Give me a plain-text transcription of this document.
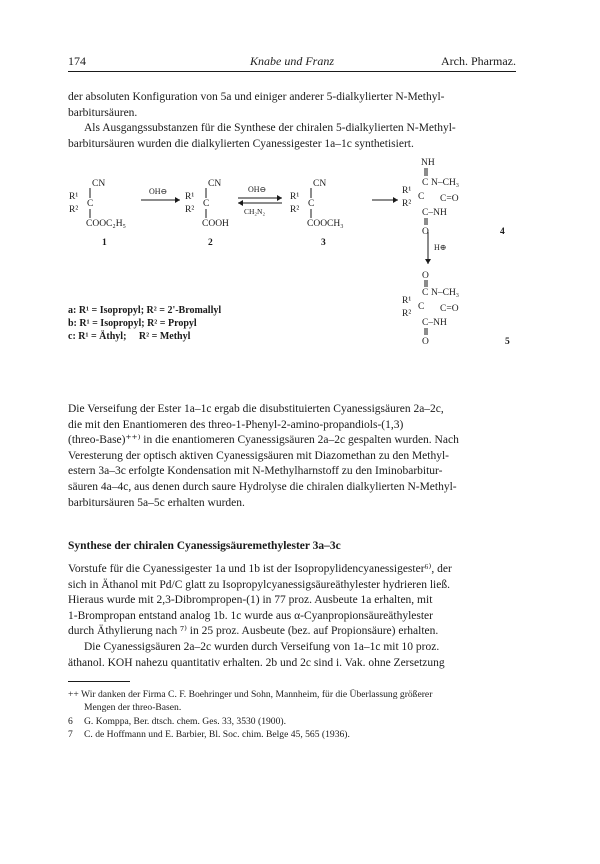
174	Knabe und Franz	Arch. Pharmaz.

der absoluten Konfiguration von 5a und einiger anderer 5-dialkylierter N-Methyl-

barbitursäuren.

Als Ausgangssubstanzen für die Synthese der chiralen 5-dialkylierten N-Methyl-

barbitursäuren wurden die dialkylierten Cyanessigester 1a–1c synthetisiert.

CN
R¹
R²
C
COOC₂H₅
1
OH⊖
CN
R¹
R²
C
COOH
2
OH⊖
CH₂N₂
CN
R¹
R²
C
COOCH₃
3
NH
C N–CH₃
R¹
R²
C C=O
C–NH
O	4
H⊕
O
C N–CH₃
R¹
R²
C C=O
C–NH
O	5
a: R¹ = Isopropyl; R² = 2'-Bromallyl
b: R¹ = Isopropyl; R² = Propyl
c: R¹ = Äthyl;     R² = Methyl

Die Verseifung der Ester 1a–1c ergab die disubstituierten Cyanessigsäuren 2a–2c,

die mit den Enantiomeren des threo-1-Phenyl-2-amino-propandiols-(1,3)

(threo-Base)⁺⁺⁾ in die enantiomeren Cyanessigsäuren 2a–2c gespalten wurden. Nach

Veresterung der optisch aktiven Cyanessigsäuren mit Diazomethan zu den Methyl-

estern 3a–3c erfolgte Kondensation mit N-Methylharnstoff zu den Iminobarbitur-

säuren 4a–4c, aus denen durch saure Hydrolyse die chiralen dialkylierten N-Methyl-

barbitursäuren 5a–5c erhalten wurden.

Synthese der chiralen Cyanessigsäuremethylester 3a–3c

Vorstufe für die Cyanessigester 1a und 1b ist der Isopropylidencyanessigester⁶⁾, der

sich in Äthanol mit Pd/C glatt zu Isopropylcyanessigsäureäthylester hydrieren ließ.

Hieraus wurde mit 2,3-Dibrompropen-(1) in 77 proz. Ausbeute 1a erhalten, mit

1-Brompropan entstand analog 1b. 1c wurde aus α-Cyanpropionsäureäthylester

durch Äthylierung nach ⁷⁾ in 25 proz. Ausbeute (bez. auf Propionsäure) erhalten.

Die Cyanessigsäuren 2a–2c wurden durch Verseifung von 1a–1c mit 10 proz.

äthanol. KOH nahezu quantitativ erhalten. 2b und 2c sind i. Vak. ohne Zersetzung

++ Wir danken der Firma C. F. Boehringer und Sohn, Mannheim, für die Überlassung größerer
Mengen der threo-Basen.
6	G. Komppa, Ber. dtsch. chem. Ges. 33, 3530 (1900).
7	C. de Hoffmann und E. Barbier, Bl. Soc. chim. Belge 45, 565 (1936).
